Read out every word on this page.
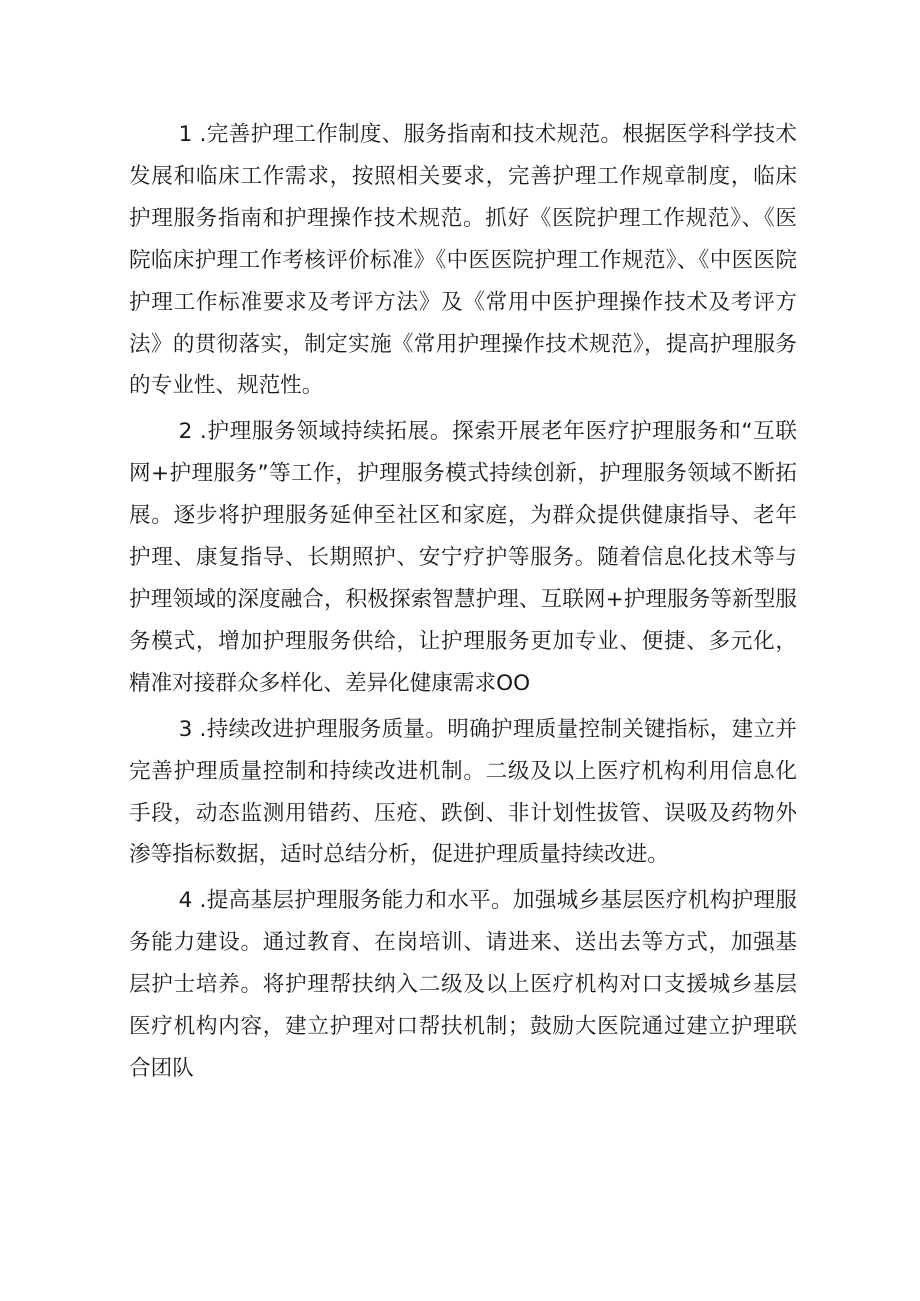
1 .完善护理工作制度、服务指南和技术规范。根据医学科学技术发展和临床工作需求，按照相关要求，完善护理工作规章制度，临床护理服务指南和护理操作技术规范。抓好《医院护理工作规范》、《医院临床护理工作考核评价标准》《中医医院护理工作规范》、《中医医院护理工作标准要求及考评方法》及《常用中医护理操作技术及考评方法》的贯彻落实，制定实施《常用护理操作技术规范》，提高护理服务的专业性、规范性。

2 .护理服务领域持续拓展。探索开展老年医疗护理服务和“互联网+护理服务”等工作，护理服务模式持续创新，护理服务领域不断拓展。逐步将护理服务延伸至社区和家庭，为群众提供健康指导、老年护理、康复指导、长期照护、安宁疗护等服务。随着信息化技术等与护理领域的深度融合，积极探索智慧护理、互联网+护理服务等新型服务模式，增加护理服务供给，让护理服务更加专业、便捷、多元化，精准对接群众多样化、差异化健康需求OO

3 .持续改进护理服务质量。明确护理质量控制关键指标，建立并完善护理质量控制和持续改进机制。二级及以上医疗机构利用信息化手段，动态监测用错药、压疮、跌倒、非计划性拔管、误吸及药物外渗等指标数据，适时总结分析，促进护理质量持续改进。

4 .提高基层护理服务能力和水平。加强城乡基层医疗机构护理服务能力建设。通过教育、在岗培训、请进来、送出去等方式，加强基层护士培养。将护理帮扶纳入二级及以上医疗机构对口支援城乡基层医疗机构内容，建立护理对口帮扶机制；鼓励大医院通过建立护理联合团队
